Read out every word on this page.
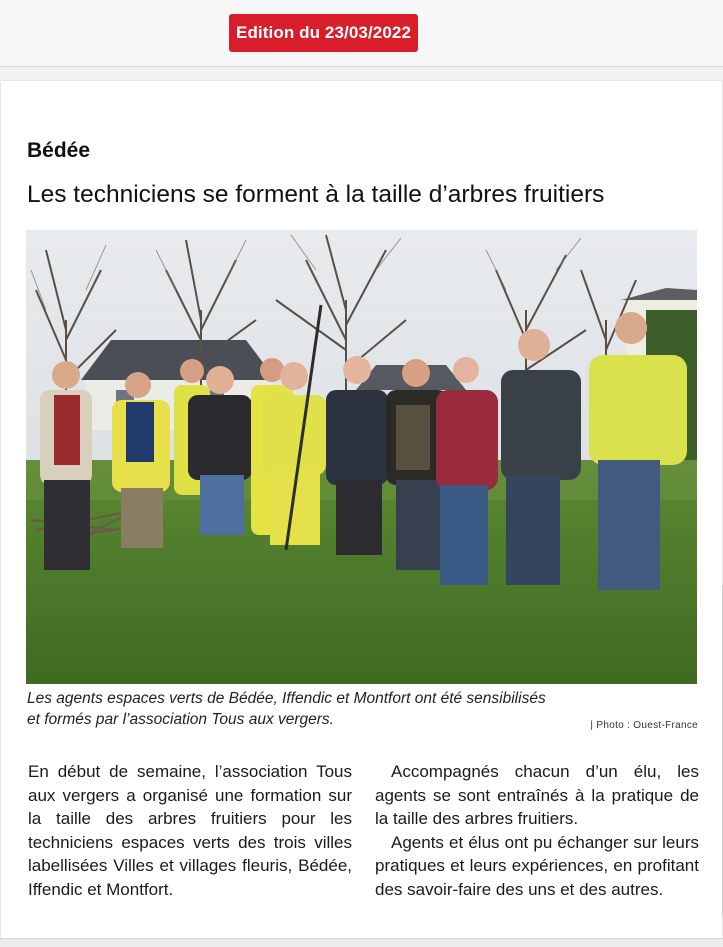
Edition du 23/03/2022
Bédée
Les techniciens se forment à la taille d’arbres fruitiers
Les agents espaces verts de Bédée, Iffendic et Montfort ont été sensibilisés
et formés par l’association Tous aux vergers.	| Photo : Ouest-France

En début de semaine, l’association Tous aux vergers a organisé une formation sur la taille des arbres fruitiers pour les techniciens espaces verts des trois villes labellisées Villes et villages fleuris, Bédée, Iffendic et Montfort.

Accompagnés chacun d’un élu, les agents se sont entraînés à la pratique de la taille des arbres fruitiers.

Agents et élus ont pu échanger sur leurs pratiques et leurs expériences, en profitant des savoir-faire des uns et des autres.
